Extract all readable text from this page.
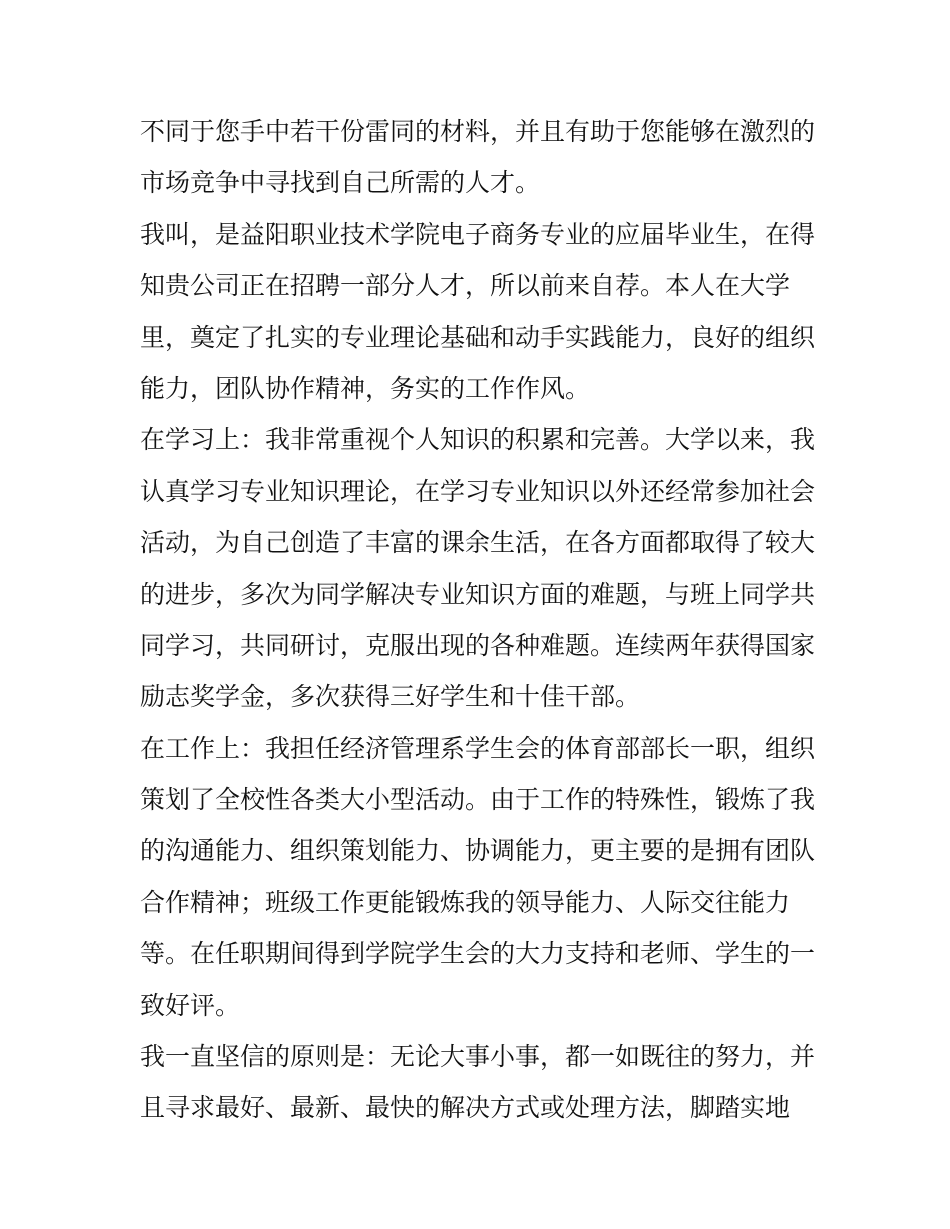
不同于您手中若干份雷同的材料，并且有助于您能够在激烈的
市场竞争中寻找到自己所需的人才。
我叫，是益阳职业技术学院电子商务专业的应届毕业生，在得
知贵公司正在招聘一部分人才，所以前来自荐。本人在大学
里，奠定了扎实的专业理论基础和动手实践能力，良好的组织
能力，团队协作精神，务实的工作作风。
在学习上：我非常重视个人知识的积累和完善。大学以来，我
认真学习专业知识理论，在学习专业知识以外还经常参加社会
活动，为自己创造了丰富的课余生活，在各方面都取得了较大
的进步，多次为同学解决专业知识方面的难题，与班上同学共
同学习，共同研讨，克服出现的各种难题。连续两年获得国家
励志奖学金，多次获得三好学生和十佳干部。
在工作上：我担任经济管理系学生会的体育部部长一职，组织
策划了全校性各类大小型活动。由于工作的特殊性，锻炼了我
的沟通能力、组织策划能力、协调能力，更主要的是拥有团队
合作精神；班级工作更能锻炼我的领导能力、人际交往能力
等。在任职期间得到学院学生会的大力支持和老师、学生的一
致好评。
我一直坚信的原则是：无论大事小事，都一如既往的努力，并
且寻求最好、最新、最快的解决方式或处理方法，脚踏实地
